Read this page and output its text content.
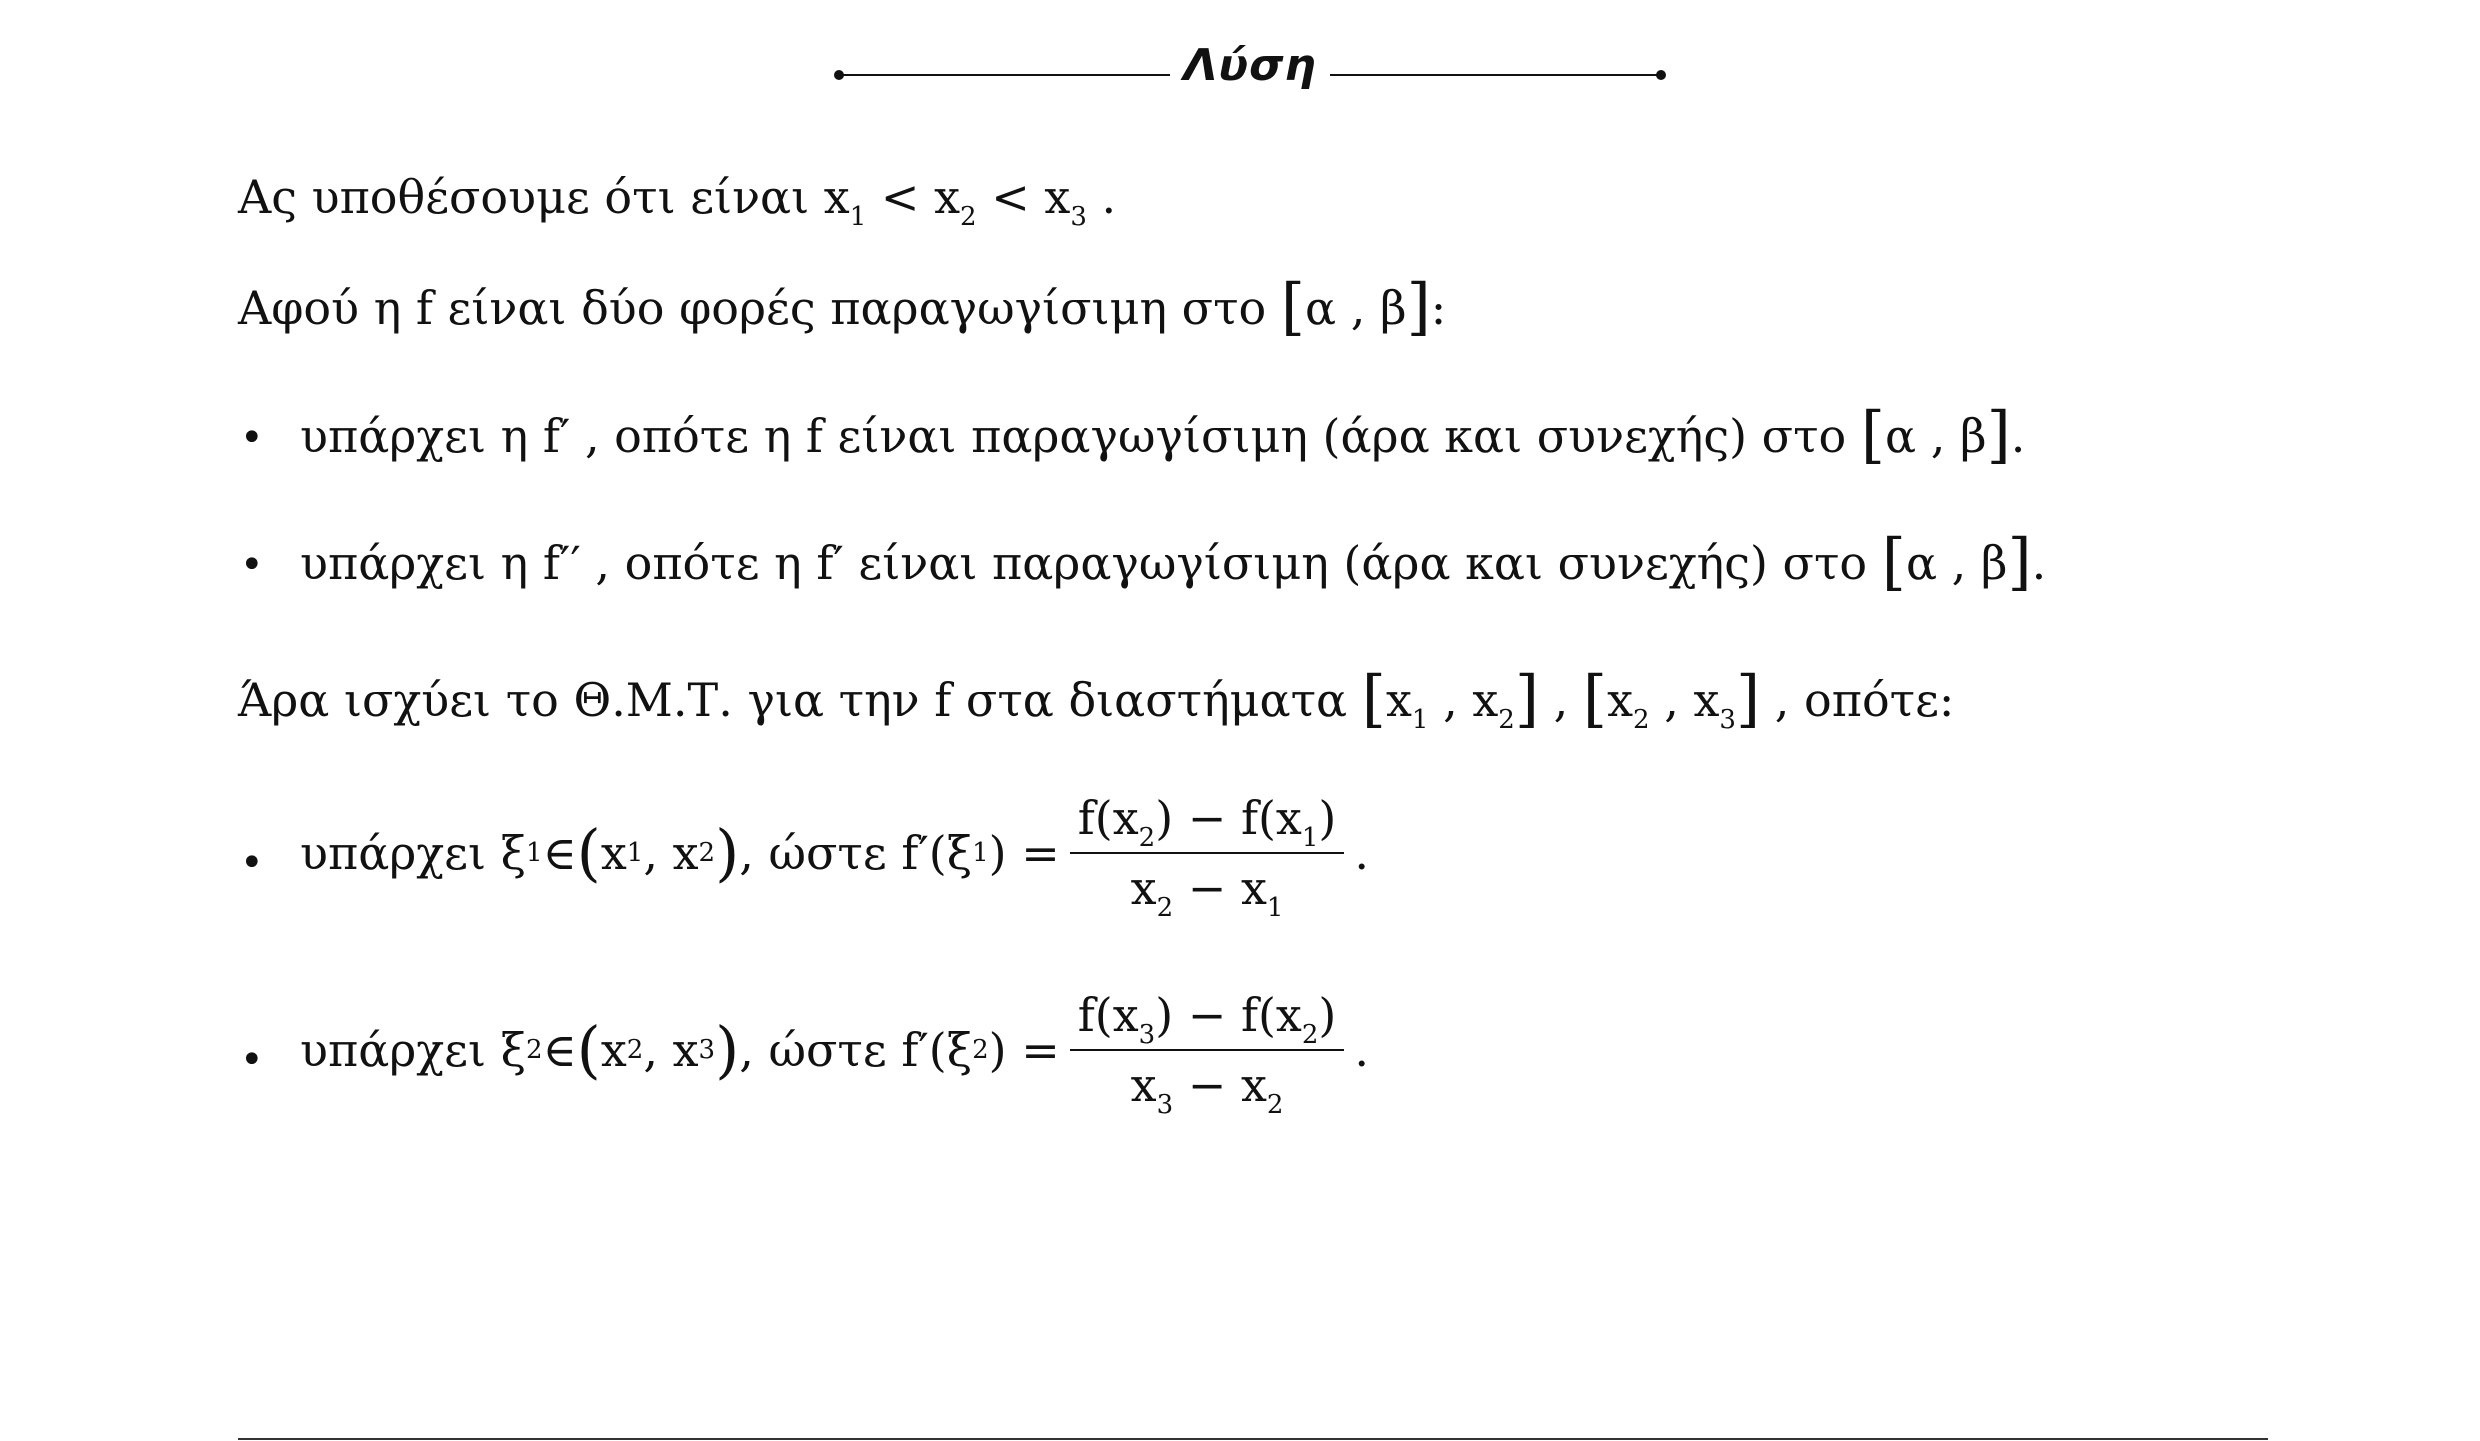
Λύση
Ας υποθέσουμε ότι είναι $x_1 < x_2 < x_3$ .
Αφού η f είναι δύο φορές παραγωγίσιμη στο [α , β]:
• υπάρχει η f′ , οπότε η f είναι παραγωγίσιμη (άρα και συνεχής) στο [α , β].
• υπάρχει η f′′ , οπότε η f′ είναι παραγωγίσιμη (άρα και συνεχής) στο [α , β].
Άρα ισχύει το Θ.Μ.Τ. για την f στα διαστήματα [$x_1$ , $x_2$] , [$x_2$ , $x_3$] , οπότε:
• υπάρχει ξ 1 ∈ ( x 1 , x 2 ) , ώστε f′(ξ 1 ) = $\frac{f(x_2) - f(x_1)}{x_2 - x_1}$ .
• υπάρχει ξ 2 ∈ ( x 2 , x 3 ) , ώστε f′(ξ 2 ) = $\frac{f(x_3) - f(x_2)}{x_3 - x_2}$ .
